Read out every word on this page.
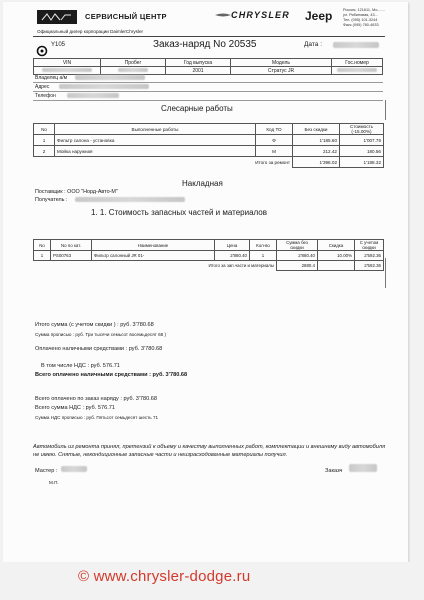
СЕРВИСНЫЙ ЦЕНТР
Официальный дилер корпорации DaimlerChrysler
CHRYSLER Jeep	Россия, 121611, Мо.......
ул. Рябиновая, 43...
Тел. (095) 101-3244
Факс (095) 780-4633
Y105	Заказ-наряд No 20535	Дата :
VIN	Пробег	Год выпуска	Модель	Гос.номер
		2001	Стратус JR	
Владелец а/м
Адрес
Телефон
Слесарные работы
No	Выполненные работы	Код ТО	Без скидки	Стоимость (-15.00%)
1	Фильтр салона - установка	Ф	1'185.60	1'007.76
2	Мойка наружная	М	212.42	180.56
Итого за ремонт			1'398.02	1'188.32
Накладная
Поставщик : ООО "Норд-Авто-М"
Получатель :
1. 1. Стоимость запасных частей и материалов
No	No по кат.	Наименование	Цена	Кол-во	Сумма без скидки	Скидка	С учетом скидки
1	PS00763	Фильтр салонный JR 01-	2'880.40	1	2'880.40	10.00%	2'592.36
Итого за зап.части и материалы					2880.4		2'592.36
Итого сумма (с учетом скидки ) : руб. 3'780.68
Сумма прописью : руб. Три тысячи семьсот восемьдесят 68 )
Оплачено наличными средствами : руб. 3'780.68
В том числе НДС : руб. 576.71
Всего оплачено наличными средствами : руб. 3'780.68
Всего оплачено по заказ наряду : руб. 3'780.68
Всего сумма НДС : руб. 576.71
Сумма НДС прописью : руб. Пятьсот семьдесят шесть 71
Автомобиль из ремонта принял, претензий к объему и качеству выполненных работ, комплектации и внешнему виду автомобиля не имею. Снятые, некондиционные запасные части и неизрасходованные материалы получил.
Мастер :
М.П.
Заказч
© www.chrysler-dodge.ru
